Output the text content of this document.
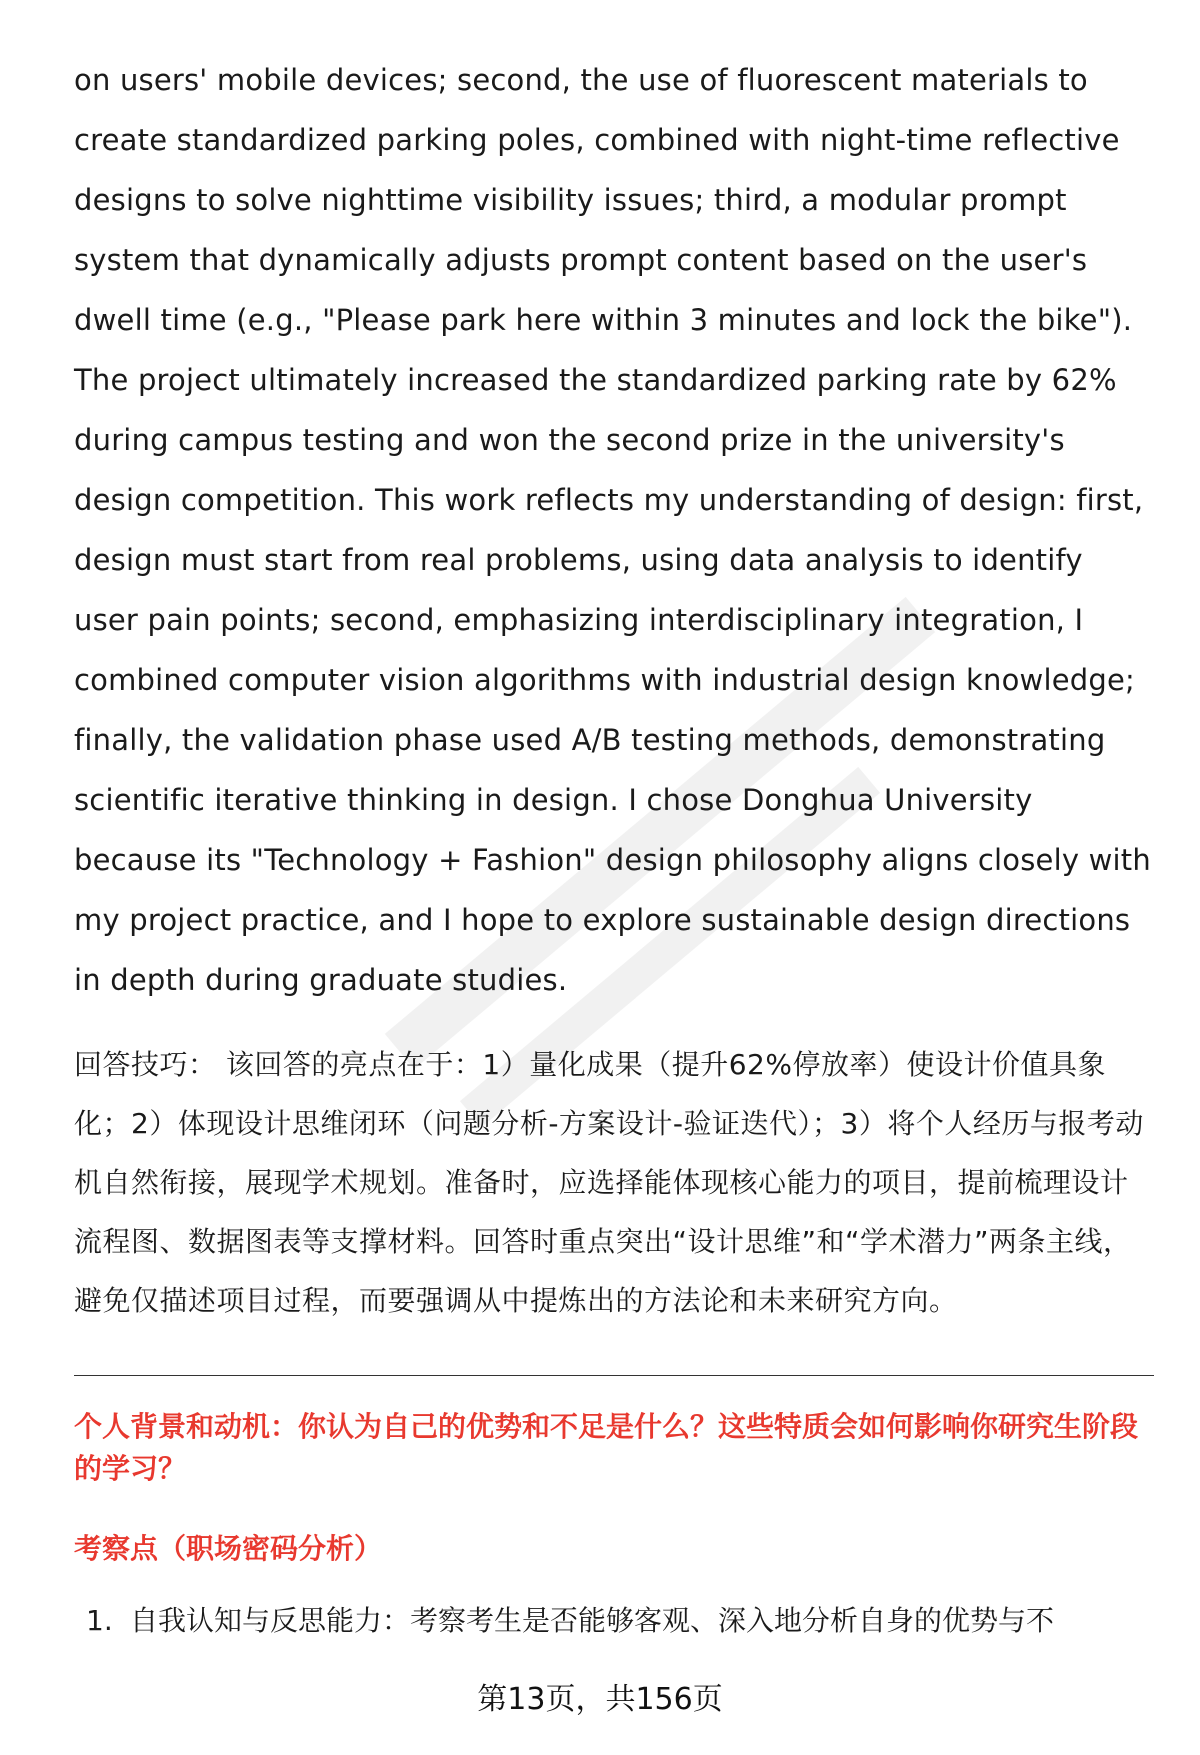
on users' mobile devices; second, the use of fluorescent materials to create standardized parking poles, combined with night-time reflective designs to solve nighttime visibility issues; third, a modular prompt system that dynamically adjusts prompt content based on the user's dwell time (e.g., "Please park here within 3 minutes and lock the bike"). The project ultimately increased the standardized parking rate by 62% during campus testing and won the second prize in the university's design competition. This work reflects my understanding of design: first, design must start from real problems, using data analysis to identify user pain points; second, emphasizing interdisciplinary integration, I combined computer vision algorithms with industrial design knowledge; finally, the validation phase used A/B testing methods, demonstrating scientific iterative thinking in design. I chose Donghua University because its "Technology + Fashion" design philosophy aligns closely with my project practice, and I hope to explore sustainable design directions in depth during graduate studies.

回答技巧： 该回答的亮点在于：1）量化成果（提升62%停放率）使设计价值具象化；2）体现设计思维闭环（问题分析-方案设计-验证迭代）；3）将个人经历与报考动机自然衔接，展现学术规划。准备时，应选择能体现核心能力的项目，提前梳理设计流程图、数据图表等支撑材料。回答时重点突出“设计思维”和“学术潜力”两条主线，避免仅描述项目过程，而要强调从中提炼出的方法论和未来研究方向。

个人背景和动机：你认为自己的优势和不足是什么？这些特质会如何影响你研究生阶段的学习？
考察点（职场密码分析）
1. 自我认知与反思能力：考察考生是否能够客观、深入地分析自身的优势与不
第13页，共156页
